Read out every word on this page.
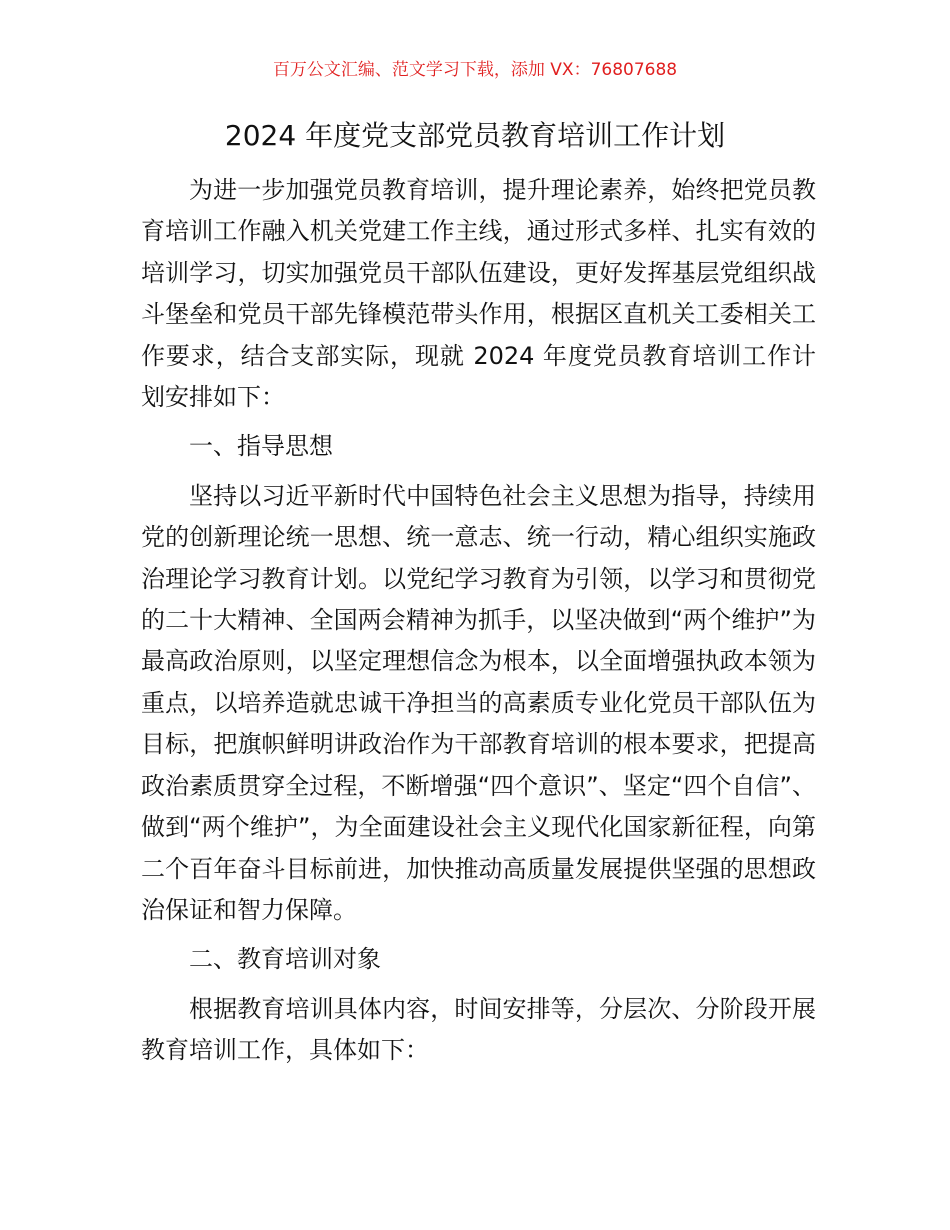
百万公文汇编、范文学习下载，添加 VX：76807688
2024 年度党支部党员教育培训工作计划

为进一步加强党员教育培训，提升理论素养，始终把党员教育培训工作融入机关党建工作主线，通过形式多样、扎实有效的培训学习，切实加强党员干部队伍建设，更好发挥基层党组织战斗堡垒和党员干部先锋模范带头作用，根据区直机关工委相关工作要求，结合支部实际，现就 2024 年度党员教育培训工作计划安排如下：

一、指导思想

坚持以习近平新时代中国特色社会主义思想为指导，持续用党的创新理论统一思想、统一意志、统一行动，精心组织实施政治理论学习教育计划。以党纪学习教育为引领，以学习和贯彻党的二十大精神、全国两会精神为抓手，以坚决做到“两个维护”为最高政治原则，以坚定理想信念为根本，以全面增强执政本领为重点，以培养造就忠诚干净担当的高素质专业化党员干部队伍为目标，把旗帜鲜明讲政治作为干部教育培训的根本要求，把提高政治素质贯穿全过程，不断增强“四个意识”、坚定“四个自信”、做到“两个维护”，为全面建设社会主义现代化国家新征程，向第二个百年奋斗目标前进，加快推动高质量发展提供坚强的思想政治保证和智力保障。

二、教育培训对象

根据教育培训具体内容，时间安排等，分层次、分阶段开展教育培训工作，具体如下：
